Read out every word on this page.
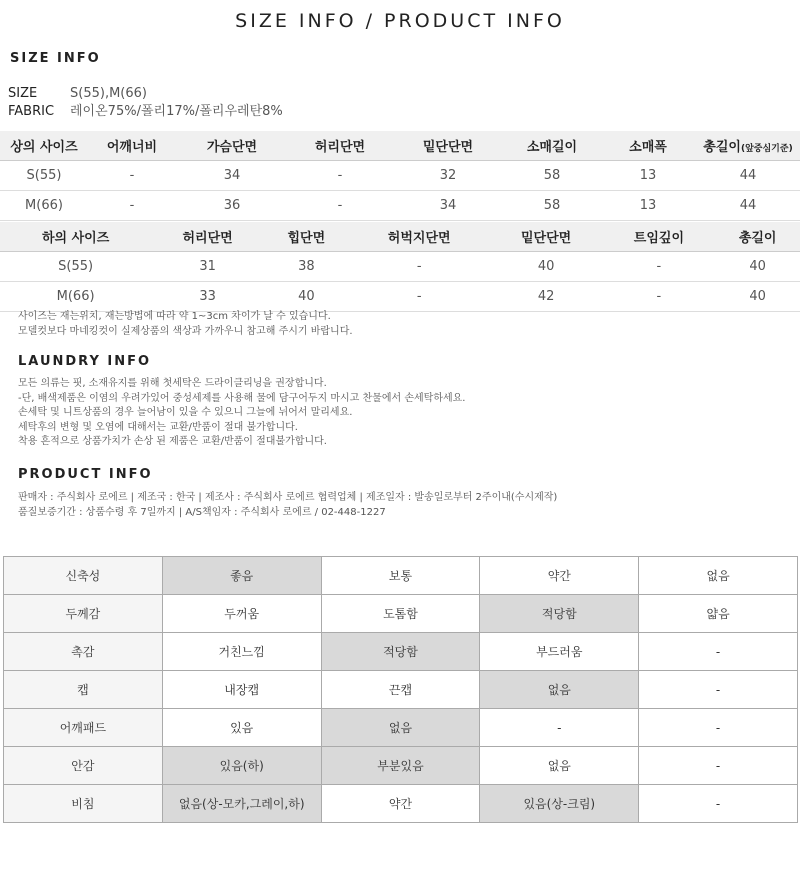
SIZE INFO / PRODUCT INFO
SIZE INFO
SIZE	S(55),M(66)
FABRIC 레이온75%/폴리17%/폴리우레탄8%
상의 사이즈	어깨너비	가슴단면	허리단면	밑단단면	소매길이	소매폭	총길이(앞중심기준)
S(55)	-	34	-	32	58	13	44
M(66)	-	36	-	34	58	13	44
하의 사이즈	허리단면	힙단면	허벅지단면	밑단단면	트임깊이	총길이
S(55)	31	38	-	40	-	40
M(66)	33	40	-	42	-	40
사이즈는 재는위치, 재는방법에 따라 약 1~3cm 차이가 날 수 있습니다.
모델컷보다 마네킹컷이 실제상품의 색상과 가까우니 참고해 주시기 바랍니다.
LAUNDRY INFO
모든 의류는 핏, 소재유지를 위해 첫세탁은 드라이클리닝을 권장합니다.
-단, 배색제품은 이염의 우려가있어 중성세제를 사용해 물에 담구어두지 마시고 찬물에서 손세탁하세요.
손세탁 및 니트상품의 경우 늘어남이 있을 수 있으니 그늘에 뉘어서 말리세요.
세탁후의 변형 및 오염에 대해서는 교환/반품이 절대 불가합니다.
착용 흔적으로 상품가치가 손상 된 제품은 교환/반품이 절대불가합니다.
PRODUCT INFO
판매자 : 주식회사 로에르 | 제조국 : 한국 | 제조사 : 주식회사 로에르 협력업체 | 제조일자 : 발송일로부터 2주이내(수시제작)
품질보증기간 : 상품수령 후 7일까지 | A/S책임자 : 주식회사 로에르 / 02-448-1227
신축성	좋음	보통	약간	없음
두께감	두꺼움	도톰함	적당함	얇음
촉감	거친느낌	적당함	부드러움	-
캡	내장캡	끈캡	없음	-
어깨패드	있음	없음	-	-
안감	있음(하)	부분있음	없음	-
비침	없음(상-모카,그레이,하)	약간	있음(상-크림)	-
